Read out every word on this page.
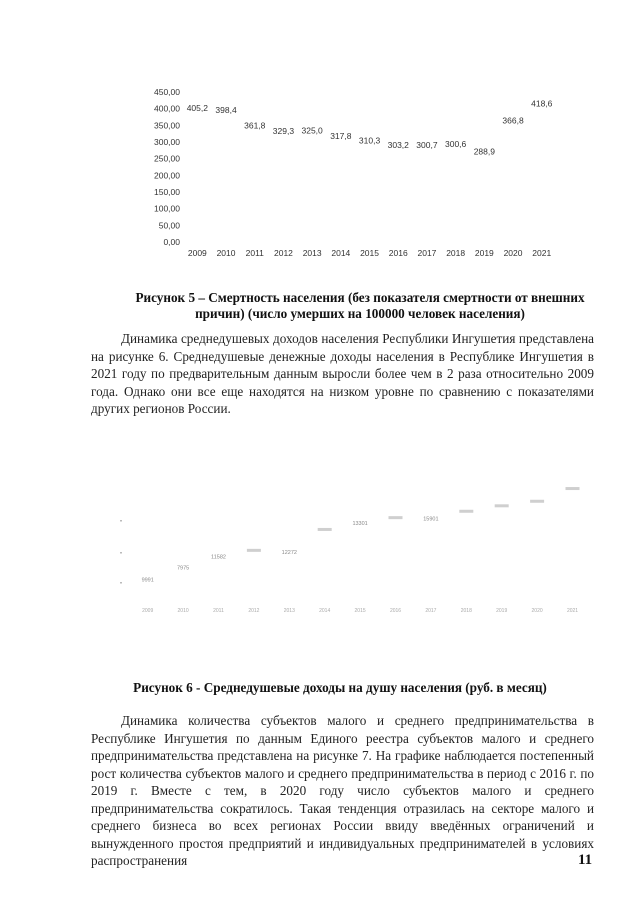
0,00
50,00
100,00
150,00
200,00
250,00
300,00
350,00
400,00
450,00
2009
405,2
2010
398,4
2011
361,8
2012
329,3
2013
325,0
2014
317,8
2015
310,3
2016
303,2
2017
300,7
2018
300,6
2019
288,9
2020
366,8
2021
418,6
Рисунок 5 – Смертность населения (без показателя смертности от внешних
причин) (число умерших на 100000 человек населения)

Динамика среднедушевых доходов населения Республики Ингушетия представлена на рисунке 6. Среднедушевые денежные доходы населения в Республике Ингушетия в 2021 году по предварительным данным выросли более чем в 2 раза относительно 2009 года. Однако они все еще находятся на низком уровне по сравнению с показателями других регионов России.

2009
9991
2010
7975
2011
11582
2012	2013
12272
2014	2015
13301
2016	2017
15901
2018	2019	2020	2021
Рисунок 6 - Среднедушевые доходы на душу населения (руб. в месяц)

Динамика количества субъектов малого и среднего предпринимательства в Республике Ингушетия по данным Единого реестра субъектов малого и среднего предпринимательства представлена на рисунке 7. На графике наблюдается постепенный рост количества субъектов малого и среднего предпринимательства в период с 2016 г. по 2019 г. Вместе с тем, в 2020 году число субъектов малого и среднего предпринимательства сократилось. Такая тенденция отразилась на секторе малого и среднего бизнеса во всех регионах России ввиду введённых ограничений и вынужденного простоя предприятий и индивидуальных предпринимателей в условиях распространения	11
